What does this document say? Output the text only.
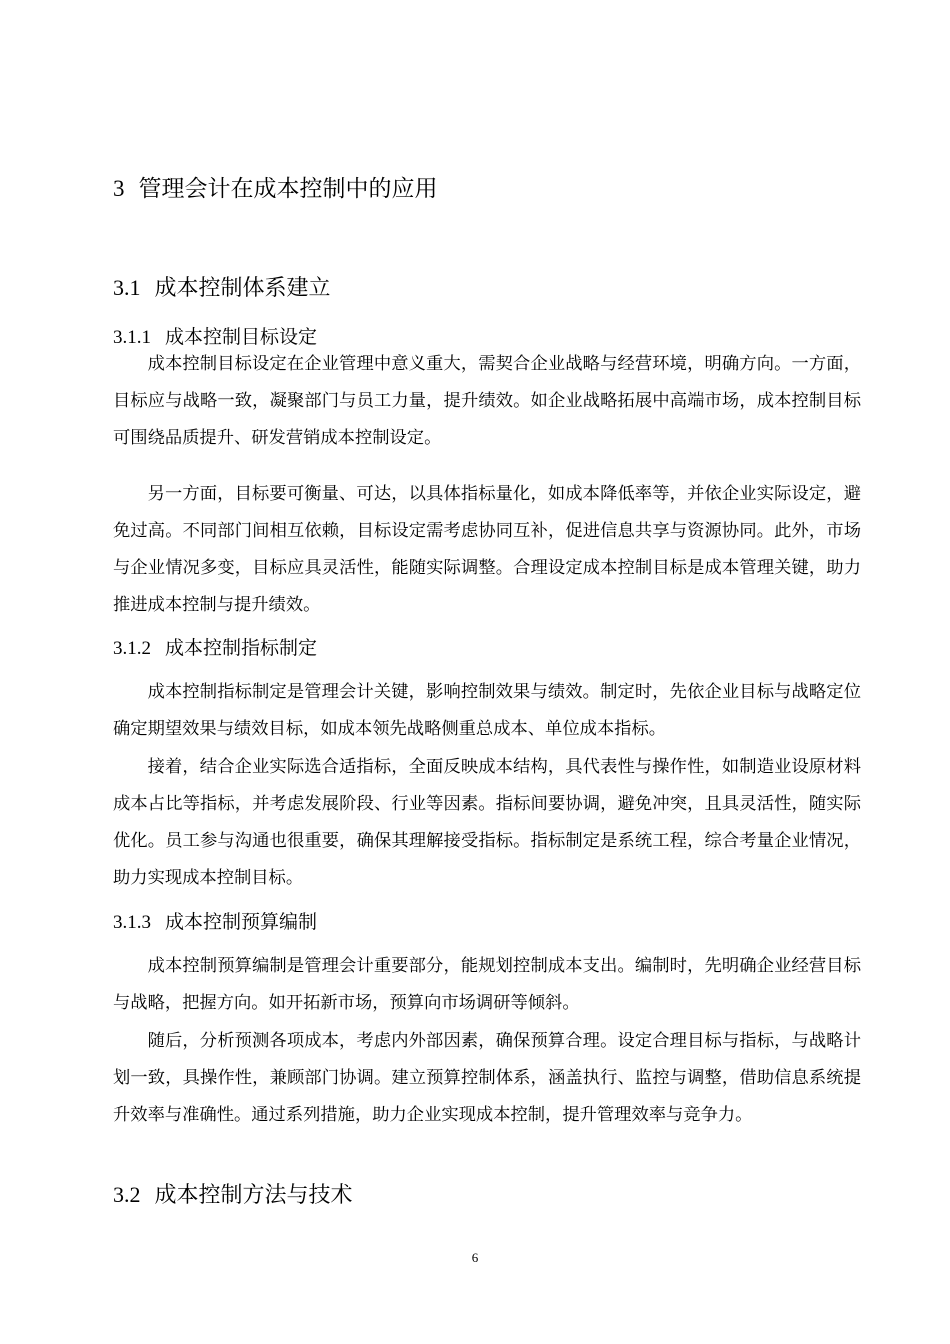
3 管理会计在成本控制中的应用
3.1 成本控制体系建立
3.1.1 成本控制目标设定

成本控制目标设定在企业管理中意义重大，需契合企业战略与经营环境，明确方向。一方面，目标应与战略一致，凝聚部门与员工力量，提升绩效。如企业战略拓展中高端市场，成本控制目标可围绕品质提升、研发营销成本控制设定。

另一方面，目标要可衡量、可达，以具体指标量化，如成本降低率等，并依企业实际设定，避免过高。不同部门间相互依赖，目标设定需考虑协同互补，促进信息共享与资源协同。此外，市场与企业情况多变，目标应具灵活性，能随实际调整。合理设定成本控制目标是成本管理关键，助力推进成本控制与提升绩效。

3.1.2 成本控制指标制定

成本控制指标制定是管理会计关键，影响控制效果与绩效。制定时，先依企业目标与战略定位确定期望效果与绩效目标，如成本领先战略侧重总成本、单位成本指标。

接着，结合企业实际选合适指标，全面反映成本结构，具代表性与操作性，如制造业设原材料成本占比等指标，并考虑发展阶段、行业等因素。指标间要协调，避免冲突，且具灵活性，随实际优化。员工参与沟通也很重要，确保其理解接受指标。指标制定是系统工程，综合考量企业情况，助力实现成本控制目标。

3.1.3 成本控制预算编制

成本控制预算编制是管理会计重要部分，能规划控制成本支出。编制时，先明确企业经营目标与战略，把握方向。如开拓新市场，预算向市场调研等倾斜。

随后，分析预测各项成本，考虑内外部因素，确保预算合理。设定合理目标与指标，与战略计划一致，具操作性，兼顾部门协调。建立预算控制体系，涵盖执行、监控与调整，借助信息系统提升效率与准确性。通过系列措施，助力企业实现成本控制，提升管理效率与竞争力。

3.2 成本控制方法与技术
6
